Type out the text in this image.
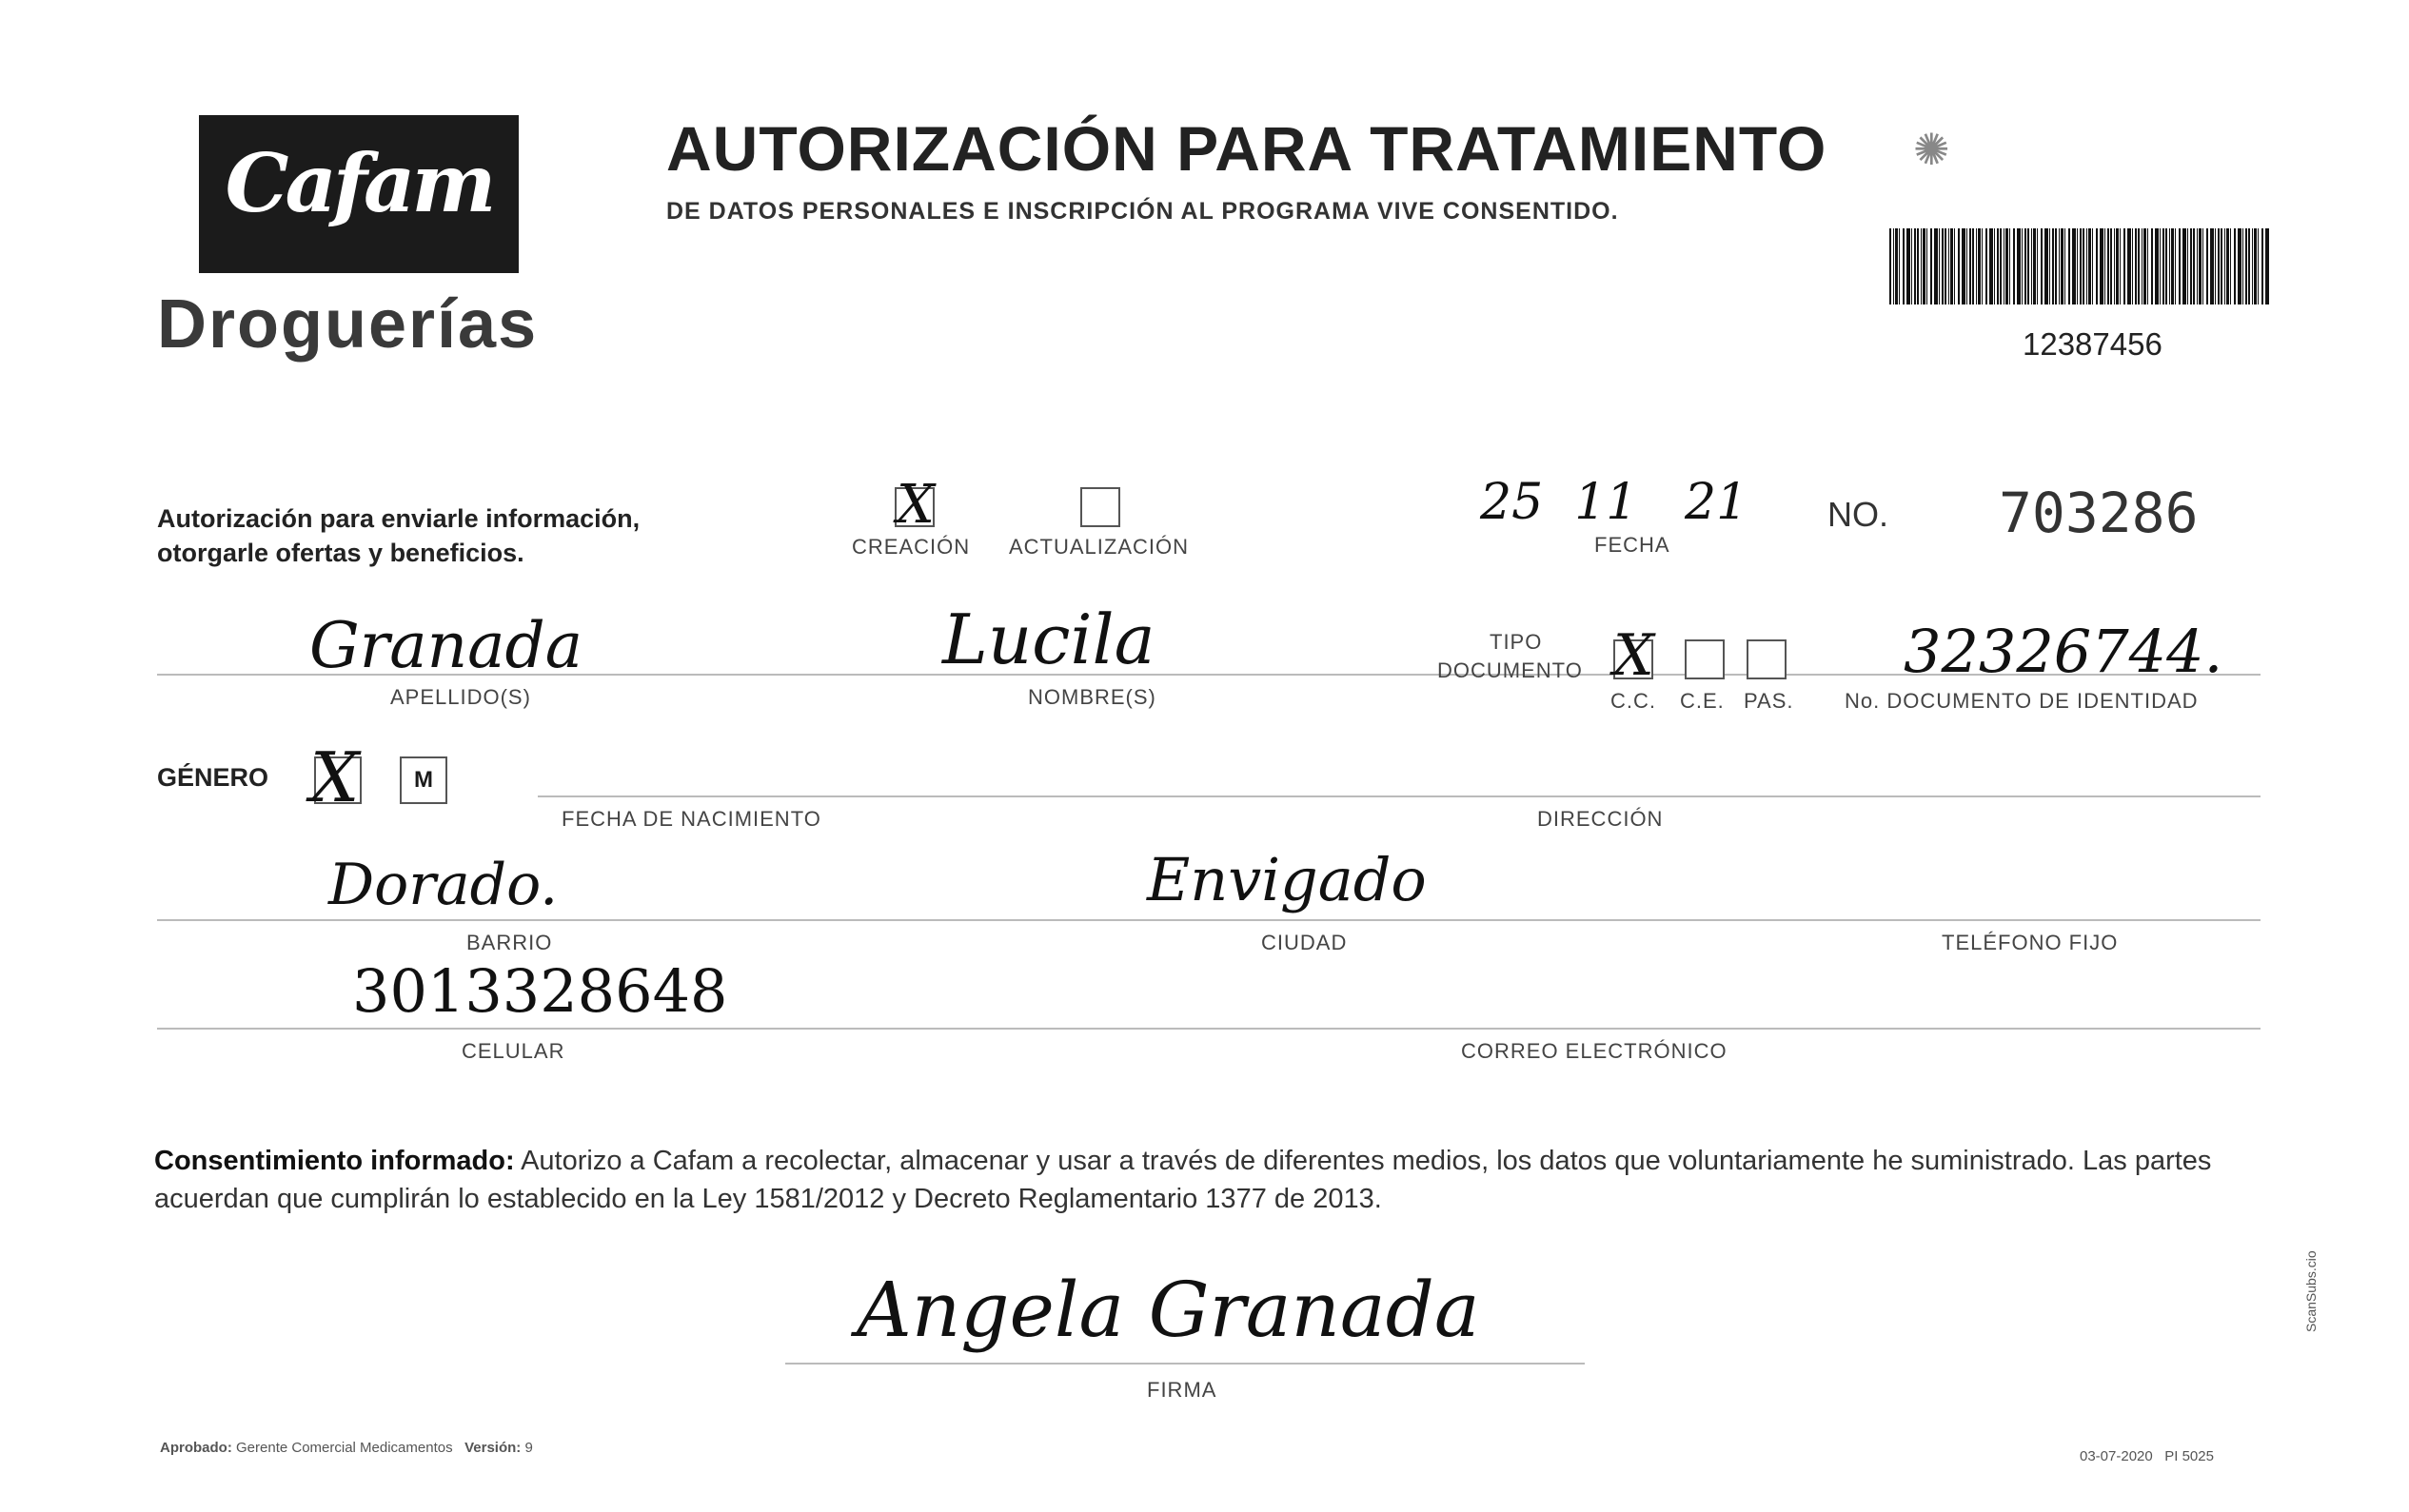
Cafam
Droguerías
AUTORIZACIÓN PARA TRATAMIENTO
DE DATOS PERSONALES E INSCRIPCIÓN AL PROGRAMA VIVE CONSENTIDO.
✺
12387456
Autorización para enviarle información,
otorgarle ofertas y beneficios.
X
CREACIÓN ACTUALIZACIÓN
25  11   21
FECHA
NO. 703286
Granada
APELLIDO(S)
Lucila
NOMBRE(S)
TIPO
DOCUMENTO X
C.C. C.E. PAS.
32326744.
No. DOCUMENTO DE IDENTIDAD
GÉNERO X	M
FECHA DE NACIMIENTO	DIRECCIÓN
Dorado.
BARRIO
Envigado
CIUDAD	TELÉFONO FIJO
3013328648
CELULAR	CORREO ELECTRÓNICO
Consentimiento informado: Autorizo a Cafam a recolectar, almacenar y usar a través de diferentes medios, los datos que voluntariamente he suministrado. Las partes acuerdan que cumplirán lo establecido en la Ley 1581/2012 y Decreto Reglamentario 1377 de 2013.
Angela Granada
FIRMA
Aprobado: Gerente Comercial Medicamentos Versión: 9
03-07-2020   PI 5025
ScanSubs.cio
